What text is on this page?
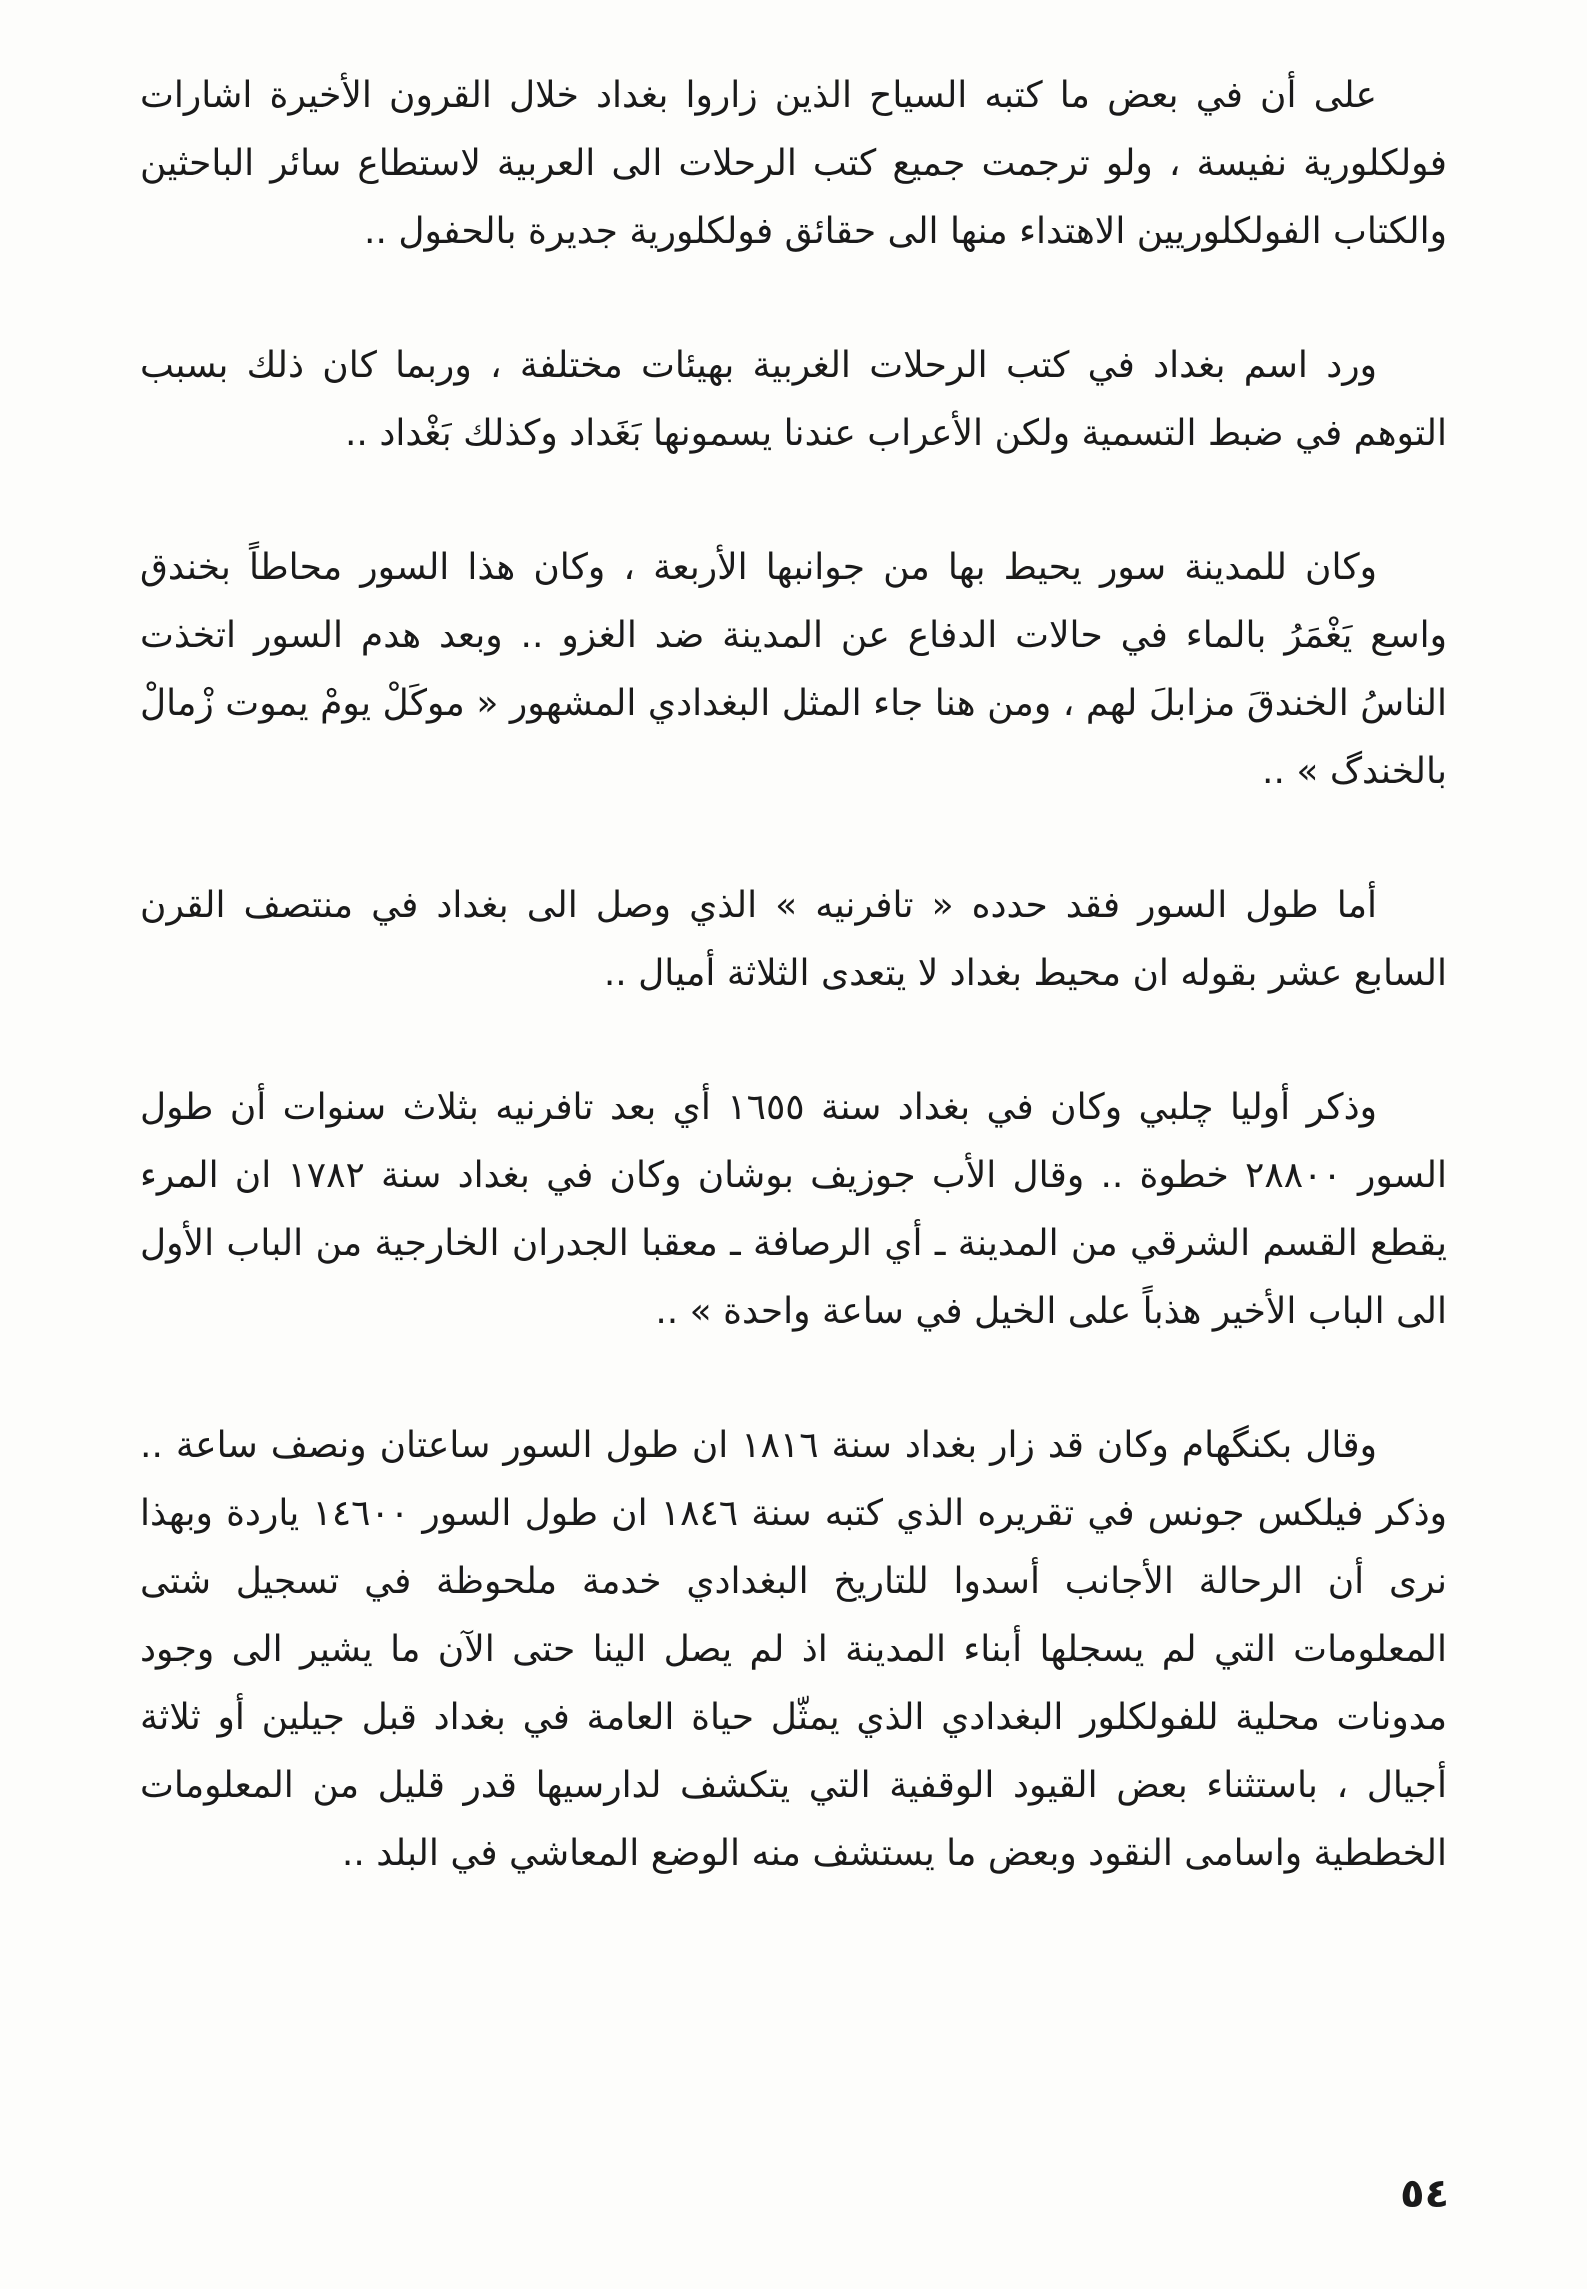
على أن في بعض ما كتبه السياح الذين زاروا بغداد خلال القرون الأخيرة اشارات فولكلورية نفيسة ، ولو ترجمت جميع كتب الرحلات الى العربية لاستطاع سائر الباحثين والكتاب الفولكلوريين الاهتداء منها الى حقائق فولكلورية جديرة بالحفول ..

ورد اسم بغداد في كتب الرحلات الغربية بهيئات مختلفة ، وربما كان ذلك بسبب التوهم في ضبط التسمية ولكن الأعراب عندنا يسمونها بَغَداد وكذلك بَغْداد ..

وكان للمدينة سور يحيط بها من جوانبها الأربعة ، وكان هذا السور محاطاً بخندق واسع يَغْمَرُ بالماء في حالات الدفاع عن المدينة ضد الغزو .. وبعد هدم السور اتخذت الناسُ الخندقَ مزابلَ لهم ، ومن هنا جاء المثل البغدادي المشهور « موكَلْ يومْ يموت زْمالْ بالخندگ » ..

أما طول السور فقد حدده « تافرنيه » الذي وصل الى بغداد في منتصف القرن السابع عشر بقوله ان محيط بغداد لا يتعدى الثلاثة أميال ..

وذكر أوليا چلبي وكان في بغداد سنة ١٦٥٥ أي بعد تافرنيه بثلاث سنوات أن طول السور ٢٨٨٠٠ خطوة .. وقال الأب جوزيف بوشان وكان في بغداد سنة ١٧٨٢ ان المرء يقطع القسم الشرقي من المدينة ـ أي الرصافة ـ معقبا الجدران الخارجية من الباب الأول الى الباب الأخير هذباً على الخيل في ساعة واحدة » ..

وقال بكنگهام وكان قد زار بغداد سنة ١٨١٦ ان طول السور ساعتان ونصف ساعة .. وذكر فيلكس جونس في تقريره الذي كتبه سنة ١٨٤٦ ان طول السور ١٤٦٠٠ ياردة وبهذا نرى أن الرحالة الأجانب أسدوا للتاريخ البغدادي خدمة ملحوظة في تسجيل شتى المعلومات التي لم يسجلها أبناء المدينة اذ لم يصل الينا حتى الآن ما يشير الى وجود مدونات محلية للفولكلور البغدادي الذي يمثّل حياة العامة في بغداد قبل جيلين أو ثلاثة أجيال ، باستثناء بعض القيود الوقفية التي يتكشف لدارسيها قدر قليل من المعلومات الخططية واسامى النقود وبعض ما يستشف منه الوضع المعاشي في البلد ..

٥٤
